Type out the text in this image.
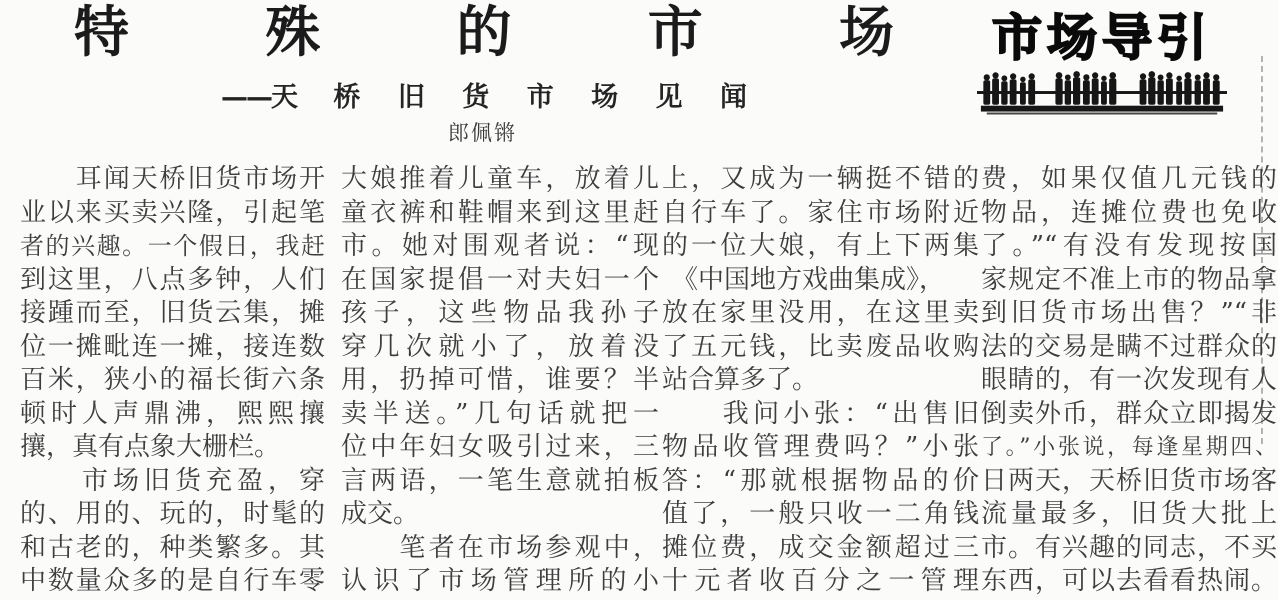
特 殊 的 市 场
——天 桥 旧 货 市 场 见 闻
郎佩锵
市场导引
　　耳闻天桥旧货市场开
业以来买卖兴隆，引起笔
者的兴趣。一个假日，我赶
到这里，八点多钟，人们
接踵而至，旧货云集，摊
位一摊毗连一摊，接连数
百米，狭小的福长街六条
顿时人声鼎沸，熙熙攘
攘，真有点象大栅栏。
　　市场旧货充盈，穿
的、用的、玩的，时髦的
和古老的，种类繁多。其
中数量众多的是自行车零
大娘推着儿童车，放着儿
童衣裤和鞋帽来到这里赶
市。她对围观者说：“现
在国家提倡一对夫妇一个
孩子，这些物品我孙子
穿几次就小了，放着没
用，扔掉可惜，谁要？半
卖半送。”几句话就把一
位中年妇女吸引过来，三
言两语，一笔生意就拍板
成交。
　　笔者在市场参观中，
认识了市场管理所的小
上，又成为一辆挺不错的
自行车了。家住市场附近
的一位大娘，有上下两集
《中国地方戏曲集成》，
放在家里没用，在这里卖
了五元钱，比卖废品收购
站合算多了。
　　我问小张：“出售旧
物品收管理费吗？”小张
答：“那就根据物品的价
值了，一般只收一二角钱
摊位费，成交金额超过三
十元者收百分之一管理
费，如果仅值几元钱的
物品，连摊位费也免收
了。”“有没有发现按国
家规定不准上市的物品拿
到旧货市场出售？”“非
法的交易是瞒不过群众的
眼睛的，有一次发现有人
倒卖外币，群众立即揭发
了。”小张说，每逢星期四、
日两天，天桥旧货市场客
流量最多，旧货大批上
市。有兴趣的同志，不买
东西，可以去看看热闹。
